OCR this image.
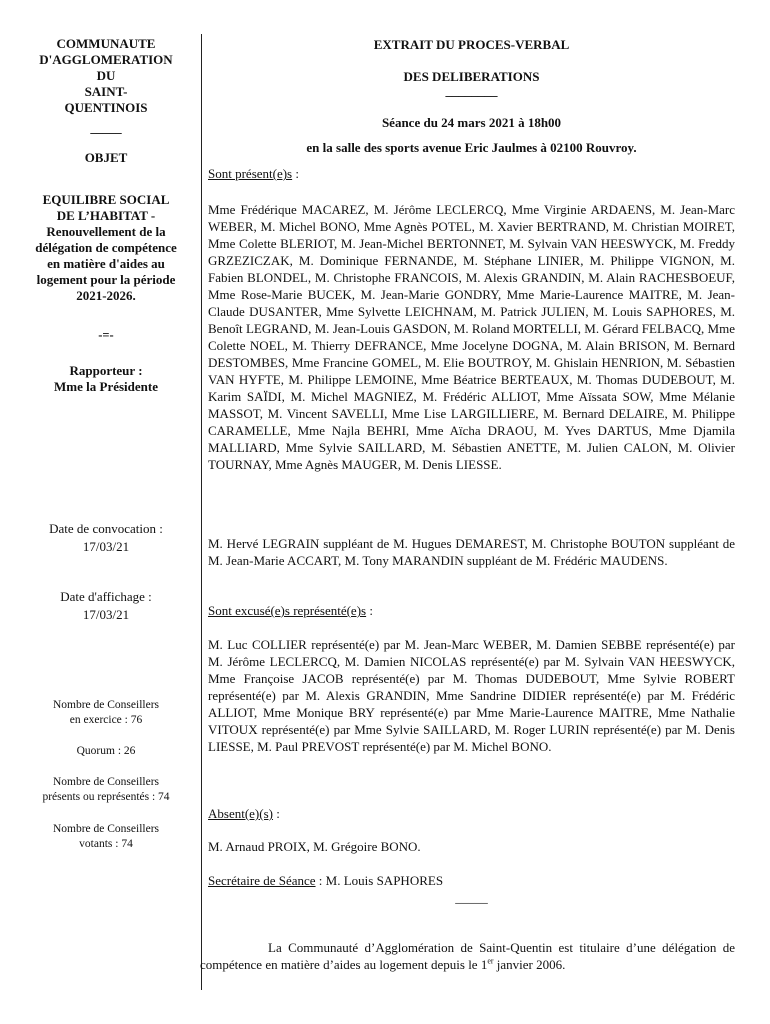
COMMUNAUTE
D'AGGLOMERATION
DU
SAINT-
QUENTINOIS
_____
OBJET
EQUILIBRE SOCIAL
DE L’HABITAT -
Renouvellement de la
délégation de compétence
en matière d'aides au
logement pour la période
2021-2026.
-=-
Rapporteur :
Mme la Présidente
Date de convocation :
17/03/21
Date d'affichage :
17/03/21
Nombre de Conseillers
en exercice : 76
Quorum : 26
Nombre de Conseillers
présents ou représentés : 74
Nombre de Conseillers
votants : 74
EXTRAIT DU PROCES-VERBAL
DES DELIBERATIONS
________
Séance du 24 mars 2021 à 18h00
en la salle des sports avenue Eric Jaulmes à 02100 Rouvroy.
Sont présent(e)s :
Mme Frédérique MACAREZ, M. Jérôme LECLERCQ, Mme Virginie ARDAENS, M. Jean-Marc WEBER, M. Michel BONO, Mme Agnès POTEL, M. Xavier BERTRAND, M. Christian MOIRET, Mme Colette BLERIOT, M. Jean-Michel BERTONNET, M. Sylvain VAN HEESWYCK, M. Freddy GRZEZICZAK, M. Dominique FERNANDE, M. Stéphane LINIER, M. Philippe VIGNON, M. Fabien BLONDEL, M. Christophe FRANCOIS, M. Alexis GRANDIN, M. Alain RACHESBOEUF, Mme Rose-Marie BUCEK, M. Jean-Marie GONDRY, Mme Marie-Laurence MAITRE, M. Jean-Claude DUSANTER, Mme Sylvette LEICHNAM, M. Patrick JULIEN, M. Louis SAPHORES, M. Benoît LEGRAND, M. Jean-Louis GASDON, M. Roland MORTELLI, M. Gérard FELBACQ, Mme Colette NOEL, M. Thierry DEFRANCE, Mme Jocelyne DOGNA, M. Alain BRISON, M. Bernard DESTOMBES, Mme Francine GOMEL, M. Elie BOUTROY, M. Ghislain HENRION, M. Sébastien VAN HYFTE, M. Philippe LEMOINE, Mme Béatrice BERTEAUX, M. Thomas DUDEBOUT, M. Karim SAÏDI, M. Michel MAGNIEZ, M. Frédéric ALLIOT, Mme Aïssata SOW, Mme Mélanie MASSOT, M. Vincent SAVELLI, Mme Lise LARGILLIERE, M. Bernard DELAIRE, M. Philippe CARAMELLE, Mme Najla BEHRI, Mme Aïcha DRAOU, M. Yves DARTUS, Mme Djamila MALLIARD, Mme Sylvie SAILLARD, M. Sébastien ANETTE, M. Julien CALON, M. Olivier TOURNAY, Mme Agnès MAUGER, M. Denis LIESSE.
M. Hervé LEGRAIN suppléant de M. Hugues DEMAREST, M. Christophe BOUTON suppléant de M. Jean-Marie ACCART, M. Tony MARANDIN suppléant de M. Frédéric MAUDENS.
Sont excusé(e)s représenté(e)s :
M. Luc COLLIER représenté(e) par M. Jean-Marc WEBER, M. Damien SEBBE représenté(e) par M. Jérôme LECLERCQ, M. Damien NICOLAS représenté(e) par M. Sylvain VAN HEESWYCK, Mme Françoise JACOB représenté(e) par M. Thomas DUDEBOUT, Mme Sylvie ROBERT représenté(e) par M. Alexis GRANDIN, Mme Sandrine DIDIER représenté(e) par M. Frédéric ALLIOT, Mme Monique BRY représenté(e) par Mme Marie-Laurence MAITRE, Mme Nathalie VITOUX représenté(e) par Mme Sylvie SAILLARD, M. Roger LURIN représenté(e) par M. Denis LIESSE, M. Paul PREVOST représenté(e) par M. Michel BONO.
Absent(e)(s) :
M. Arnaud PROIX, M. Grégoire BONO.
Secrétaire de Séance : M. Louis SAPHORES
_____
La Communauté d’Agglomération de Saint-Quentin est titulaire d’une délégation de compétence en matière d’aides au logement depuis le 1er janvier 2006.
